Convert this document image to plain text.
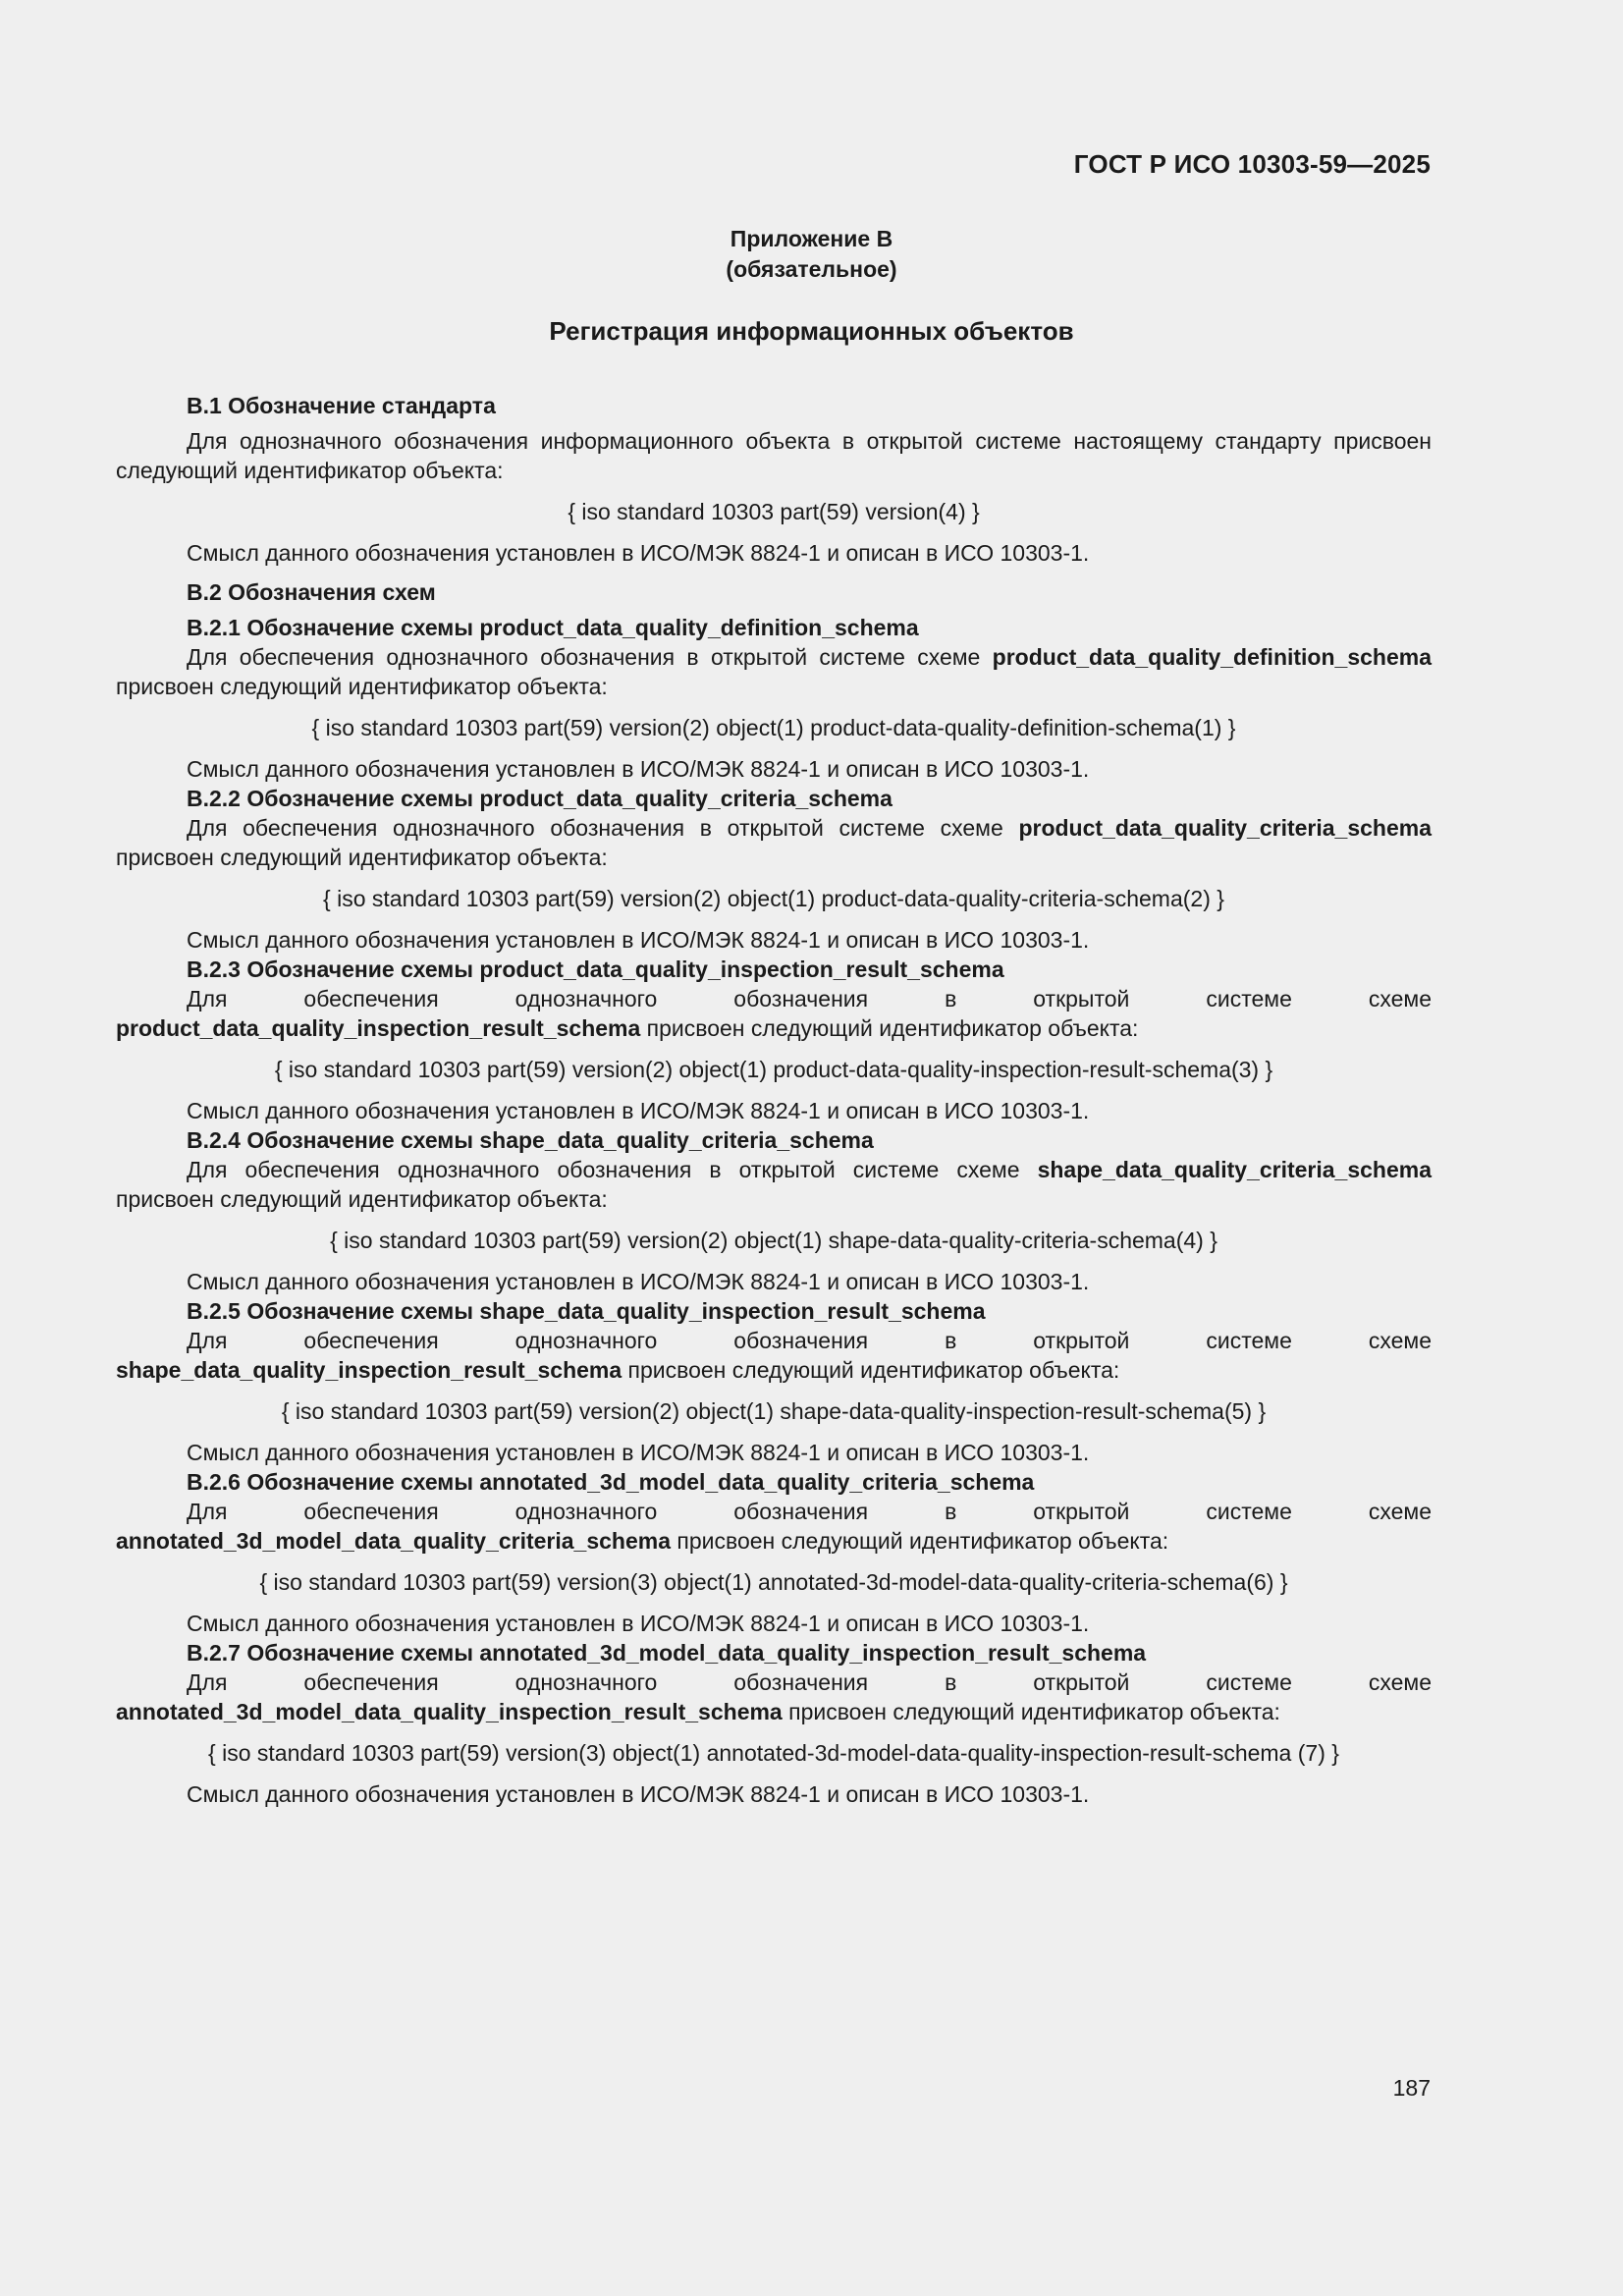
ГОСТ Р ИСО 10303-59—2025
Приложение В
(обязательное)
Регистрация информационных объектов

В.1 Обозначение стандарта

Для однозначного обозначения информационного объекта в открытой системе настоящему стандарту присвоен следующий идентификатор объекта:

{ iso standard 10303 part(59) version(4) }

Смысл данного обозначения установлен в ИСО/МЭК 8824-1 и описан в ИСО 10303-1.

В.2 Обозначения схем

В.2.1 Обозначение схемы product_data_quality_definition_schema

Для обеспечения однозначного обозначения в открытой системе схеме product_data_quality_definition_schema присвоен следующий идентификатор объекта:

{ iso standard 10303 part(59) version(2) object(1) product-data-quality-definition-schema(1) }

Смысл данного обозначения установлен в ИСО/МЭК 8824-1 и описан в ИСО 10303-1.

В.2.2 Обозначение схемы product_data_quality_criteria_schema

Для обеспечения однозначного обозначения в открытой системе схеме product_data_quality_criteria_schema присвоен следующий идентификатор объекта:

{ iso standard 10303 part(59) version(2) object(1) product-data-quality-criteria-schema(2) }

Смысл данного обозначения установлен в ИСО/МЭК 8824-1 и описан в ИСО 10303-1.

В.2.3 Обозначение схемы product_data_quality_inspection_result_schema

Для обеспечения однозначного обозначения в открытой системе схеме product_data_quality_inspection_result_schema присвоен следующий идентификатор объекта:

{ iso standard 10303 part(59) version(2) object(1) product-data-quality-inspection-result-schema(3) }

Смысл данного обозначения установлен в ИСО/МЭК 8824-1 и описан в ИСО 10303-1.

В.2.4 Обозначение схемы shape_data_quality_criteria_schema

Для обеспечения однозначного обозначения в открытой системе схеме shape_data_quality_criteria_schema присвоен следующий идентификатор объекта:

{ iso standard 10303 part(59) version(2) object(1) shape-data-quality-criteria-schema(4) }

Смысл данного обозначения установлен в ИСО/МЭК 8824-1 и описан в ИСО 10303-1.

В.2.5 Обозначение схемы shape_data_quality_inspection_result_schema

Для обеспечения однозначного обозначения в открытой системе схеме shape_data_quality_inspection_result_schema присвоен следующий идентификатор объекта:

{ iso standard 10303 part(59) version(2) object(1) shape-data-quality-inspection-result-schema(5) }

Смысл данного обозначения установлен в ИСО/МЭК 8824-1 и описан в ИСО 10303-1.

В.2.6 Обозначение схемы annotated_3d_model_data_quality_criteria_schema

Для обеспечения однозначного обозначения в открытой системе схеме annotated_3d_model_data_quality_criteria_schema присвоен следующий идентификатор объекта:

{ iso standard 10303 part(59) version(3) object(1) annotated-3d-model-data-quality-criteria-schema(6) }

Смысл данного обозначения установлен в ИСО/МЭК 8824-1 и описан в ИСО 10303-1.

В.2.7 Обозначение схемы annotated_3d_model_data_quality_inspection_result_schema

Для обеспечения однозначного обозначения в открытой системе схеме annotated_3d_model_data_quality_inspection_result_schema присвоен следующий идентификатор объекта:

{ iso standard 10303 part(59) version(3) object(1) annotated-3d-model-data-quality-inspection-result-schema (7) }

Смысл данного обозначения установлен в ИСО/МЭК 8824-1 и описан в ИСО 10303-1.

187
